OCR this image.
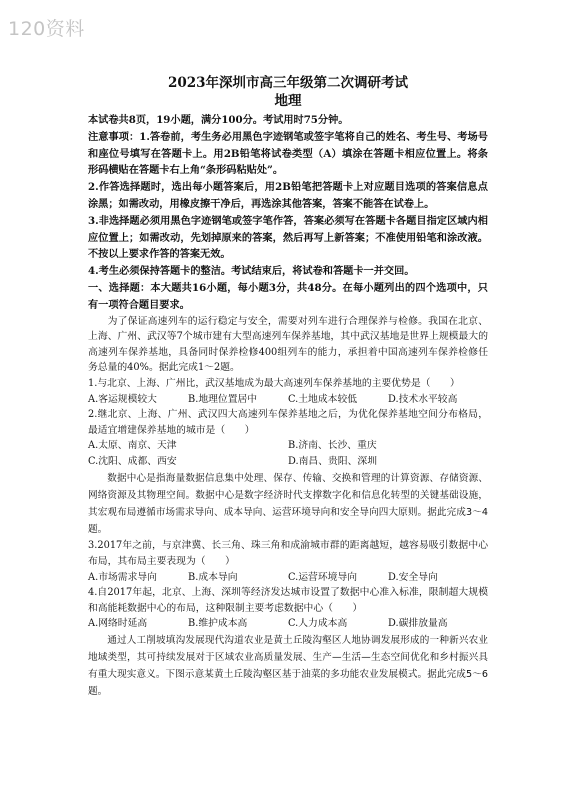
120资料
2023年深圳市高三年级第二次调研考试
地理

本试卷共8页，19小题，满分100分。考试用时75分钟。

注意事项：1.答卷前，考生务必用黑色字迹钢笔或签字笔将自己的姓名、考生号、考场号和座位号填写在答题卡上。用2B铅笔将试卷类型（A）填涂在答题卡相应位置上。将条形码横贴在答题卡右上角“条形码粘贴处”。

2.作答选择题时，选出每小题答案后，用2B铅笔把答题卡上对应题目选项的答案信息点涂黑；如需改动，用橡皮擦干净后，再选涂其他答案，答案不能答在试卷上。

3.非选择题必须用黑色字迹钢笔或签字笔作答，答案必须写在答题卡各题目指定区域内相应位置上；如需改动，先划掉原来的答案，然后再写上新答案；不准使用铅笔和涂改液。不按以上要求作答的答案无效。

4.考生必须保持答题卡的整洁。考试结束后，将试卷和答题卡一并交回。

一、选择题：本大题共16小题，每小题3分，共48分。在每小题列出的四个选项中，只有一项符合题目要求。

为了保证高速列车的运行稳定与安全，需要对列车进行合理保养与检修。我国在北京、上海、广州、武汉等7个城市建有大型高速列车保养基地，其中武汉基地是世界上规模最大的高速列车保养基地，具备同时保养检修400组列车的能力，承担着中国高速列车保养检修任务总量的40%。据此完成1～2题。

1.与北京、上海、广州比，武汉基地成为最大高速列车保养基地的主要优势是（　　）

A.客运规模较大	B.地理位置居中	C.土地成本较低	D.技术水平较高

2.继北京、上海、广州、武汉四大高速列车保养基地之后，为优化保养基地空间分布格局，最适宜增建保养基地的城市是（　　）

A.太原、南京、天津	B.济南、长沙、重庆
C.沈阳、成都、西安	D.南昌、贵阳、深圳

数据中心是指海量数据信息集中处理、保存、传输、交换和管理的计算资源、存储资源、网络资源及其物理空间。数据中心是数字经济时代支撑数字化和信息化转型的关键基础设施，其宏观布局遵循市场需求导向、成本导向、运营环境导向和安全导向四大原则。据此完成3～4题。

3.2017年之前，与京津冀、长三角、珠三角和成渝城市群的距离越短，越容易吸引数据中心布局，其布局主要表现为（　　）

A.市场需求导向	B.成本导向	C.运营环境导向	D.安全导向

4.自2017年起，北京、上海、深圳等经济发达城市设置了数据中心准入标准，限制超大规模和高能耗数据中心的布局，这种限制主要考虑数据中心（　　）

A.网络时延高	B.维护成本高	C.人力成本高	D.碳排放量高

通过人工削坡填沟发展现代沟道农业是黄土丘陵沟壑区人地协调发展形成的一种新兴农业地域类型，其可持续发展对于区域农业高质量发展、生产—生活—生态空间优化和乡村振兴具有重大现实意义。下图示意某黄土丘陵沟壑区基于油菜的多功能农业发展模式。据此完成5～6题。
